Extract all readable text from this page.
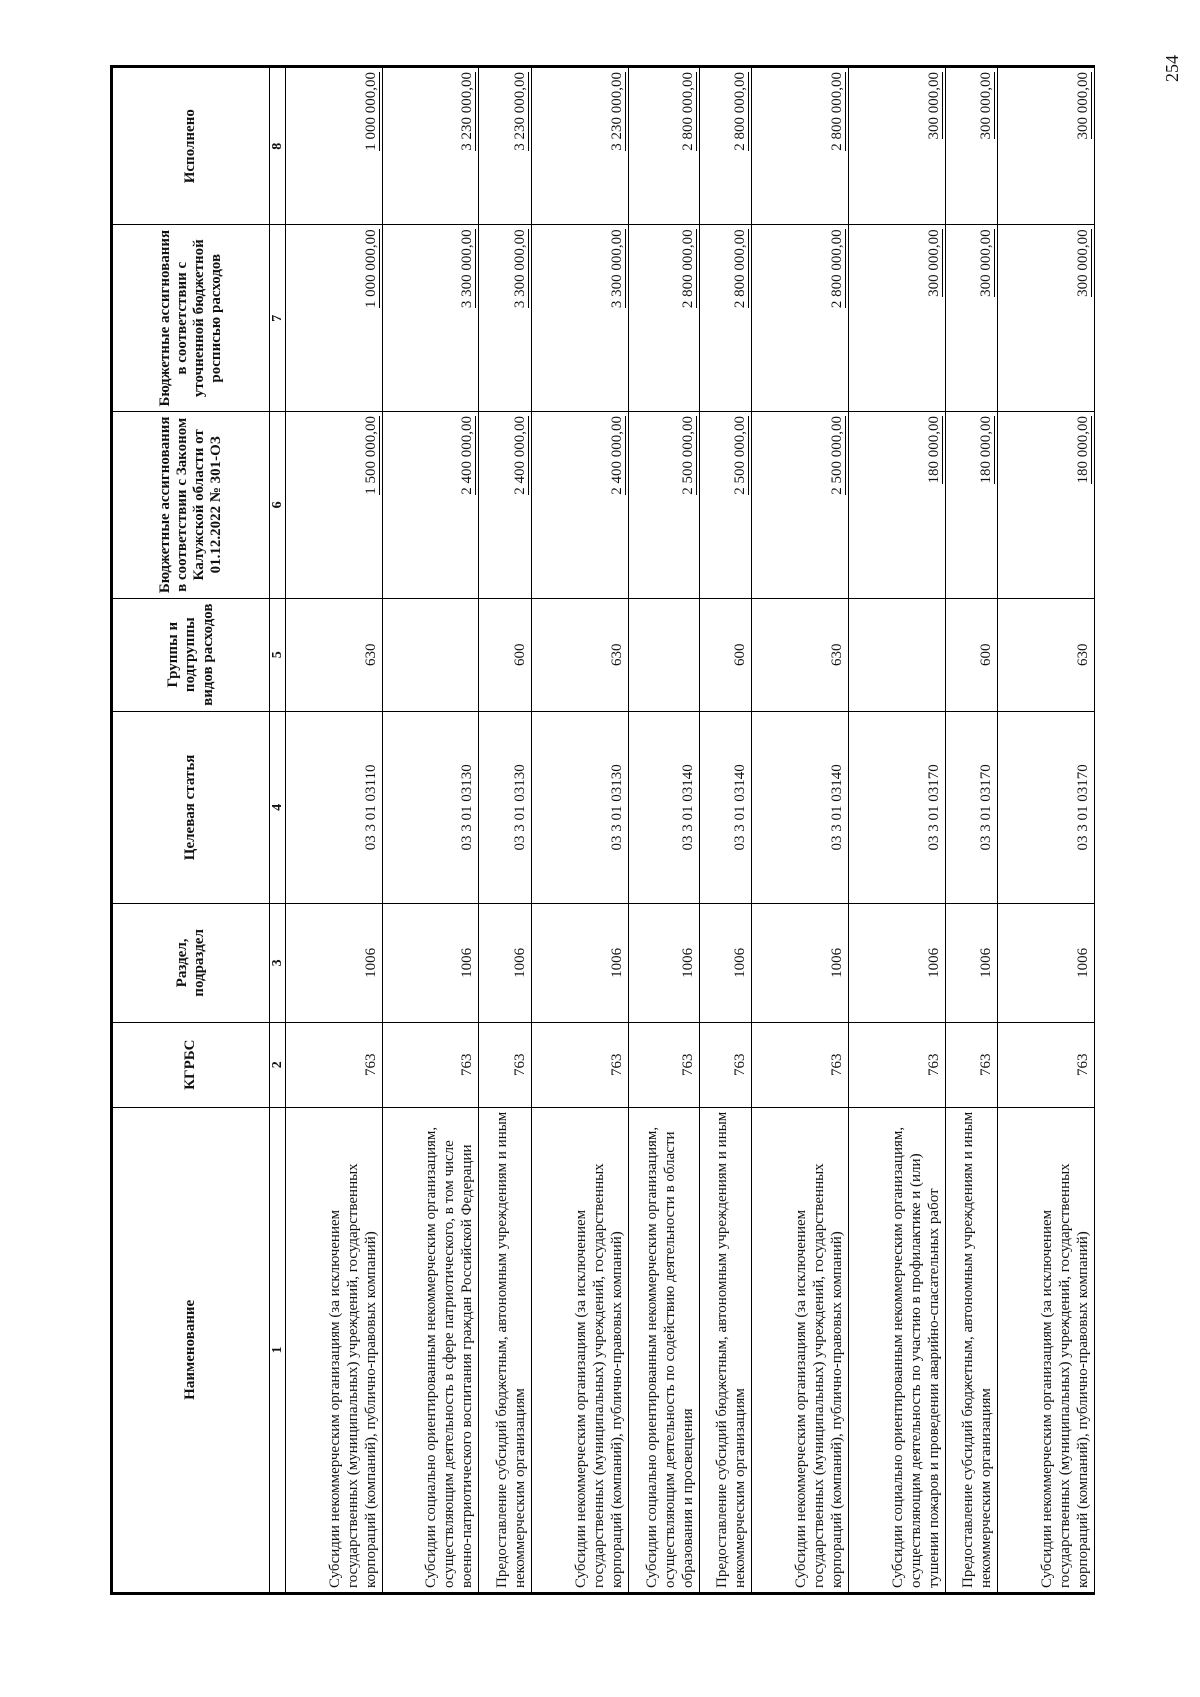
254
Наименование	КГРБС	Раздел, подраздел	Целевая статья	Группы и подгруппы видов расходов	Бюджетные ассигнования в соответствии с Законом Калужской области от 01.12.2022 № 301-ОЗ	Бюджетные ассигнования в соответствии с уточненной бюджетной росписью расходов	Исполнено
1	2	3	4	5	6	7	8
Субсидии некоммерческим организациям (за исключением государственных (муниципальных) учреждений, государственных корпораций (компаний), публично-правовых компаний)	763	1006	03 3 01 03110	630	1 500 000,00	1 000 000,00	1 000 000,00
Субсидии социально ориентированным некоммерческим организациям, осуществляющим деятельность в сфере патриотического, в том числе военно-патриотического воспитания граждан Российской Федерации	763	1006	03 3 01 03130		2 400 000,00	3 300 000,00	3 230 000,00
Предоставление субсидий бюджетным, автономным учреждениям и иным некоммерческим организациям	763	1006	03 3 01 03130	600	2 400 000,00	3 300 000,00	3 230 000,00
Субсидии некоммерческим организациям (за исключением государственных (муниципальных) учреждений, государственных корпораций (компаний), публично-правовых компаний)	763	1006	03 3 01 03130	630	2 400 000,00	3 300 000,00	3 230 000,00
Субсидии социально ориентированным некоммерческим организациям, осуществляющим деятельность по содействию деятельности в области образования и просвещения	763	1006	03 3 01 03140		2 500 000,00	2 800 000,00	2 800 000,00
Предоставление субсидий бюджетным, автономным учреждениям и иным некоммерческим организациям	763	1006	03 3 01 03140	600	2 500 000,00	2 800 000,00	2 800 000,00
Субсидии некоммерческим организациям (за исключением государственных (муниципальных) учреждений, государственных корпораций (компаний), публично-правовых компаний)	763	1006	03 3 01 03140	630	2 500 000,00	2 800 000,00	2 800 000,00
Субсидии социально ориентированным некоммерческим организациям, осуществляющим деятельность по участию в профилактике и (или) тушении пожаров и проведении аварийно-спасательных работ	763	1006	03 3 01 03170		180 000,00	300 000,00	300 000,00
Предоставление субсидий бюджетным, автономным учреждениям и иным некоммерческим организациям	763	1006	03 3 01 03170	600	180 000,00	300 000,00	300 000,00
Субсидии некоммерческим организациям (за исключением государственных (муниципальных) учреждений, государственных корпораций (компаний), публично-правовых компаний)	763	1006	03 3 01 03170	630	180 000,00	300 000,00	300 000,00
